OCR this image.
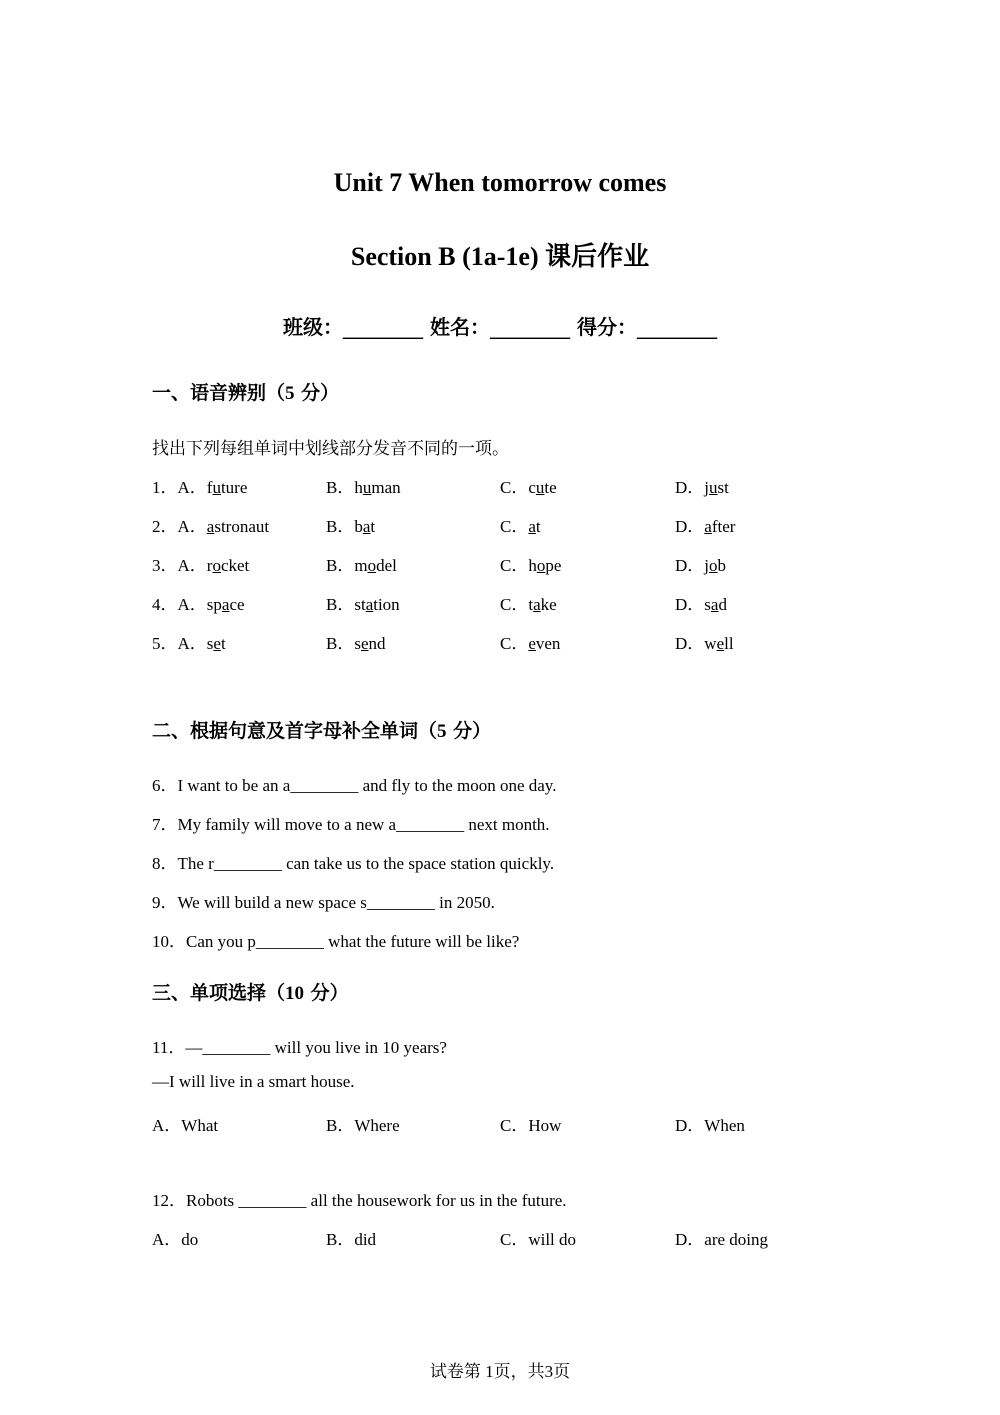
Unit 7 When tomorrow comes
Section B (1a-1e) 课后作业
班级：________ 姓名：________ 得分：________
一、语音辨别（5 分）
找出下列每组单词中划线部分发音不同的一项。
1．A．future	B．human	C．cute	D．just
2．A．astronaut	B．bat	C．at	D．after
3．A．rocket	B．model	C．hope	D．job
4．A．space	B．station	C．take	D．sad
5．A．set	B．send	C．even	D．well
二、根据句意及首字母补全单词（5 分）
6．I want to be an a________ and fly to the moon one day.
7．My family will move to a new a________ next month.
8．The r________ can take us to the space station quickly.
9．We will build a new space s________ in 2050.
10．Can you p________ what the future will be like?
三、单项选择（10 分）
11．—________ will you live in 10 years?
—I will live in a smart house.
A．What	B．Where	C．How	D．When
12．Robots ________ all the housework for us in the future.
A．do	B．did	C．will do	D．are doing
试卷第 1页，共3页
